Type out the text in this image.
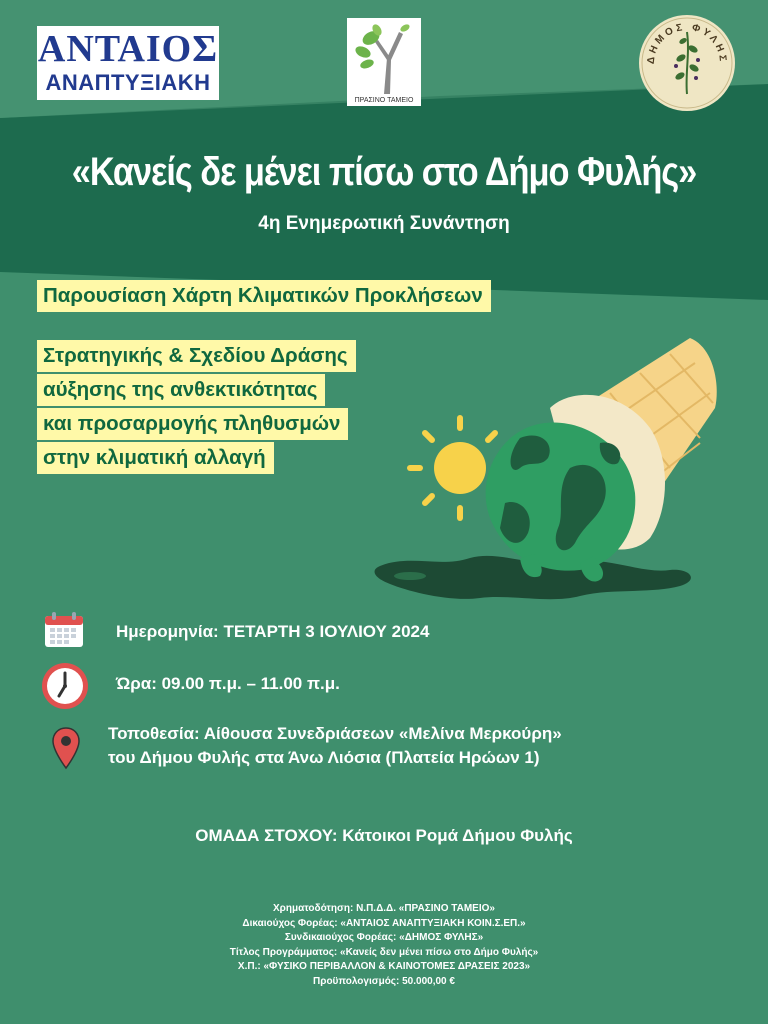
ΑΝΤΑΙΟΣ
ΑΝΑΠΤΥΞΙΑΚΗ
ΠΡΑΣΙΝΟ ΤΑΜΕΙΟ
ΔΗΜΟΣ ΦΥΛΗΣ
«Κανείς δε μένει πίσω στο Δήμο Φυλής»
4η Ενημερωτική Συνάντηση
Παρουσίαση Χάρτη Κλιματικών Προκλήσεων
Στρατηγικής & Σχεδίου Δράσης
αύξησης της ανθεκτικότητας
και προσαρμογής πληθυσμών
στην κλιματική αλλαγή
Ημερομηνία: ΤΕΤΑΡΤΗ 3 ΙΟΥΛΙΟΥ 2024
Ώρα: 09.00 π.μ. – 11.00 π.μ.
Τοποθεσία: Αίθουσα Συνεδριάσεων «Μελίνα Μερκούρη»
του Δήμου Φυλής στα Άνω Λιόσια (Πλατεία Ηρώων 1)
ΟΜΑΔΑ ΣΤΟΧΟΥ: Κάτοικοι Ρομά Δήμου Φυλής
Χρηματοδότηση: Ν.Π.Δ.Δ. «ΠΡΑΣΙΝΟ ΤΑΜΕΙΟ»
Δικαιούχος Φορέας: «ΑΝΤΑΙΟΣ ΑΝΑΠΤΥΞΙΑΚΗ ΚΟΙΝ.Σ.ΕΠ.»
Συνδικαιούχος Φορέας: «ΔΗΜΟΣ ΦΥΛΗΣ»
Τίτλος Προγράμματος: «Κανείς δεν μένει πίσω στο Δήμο Φυλής»
Χ.Π.: «ΦΥΣΙΚΟ ΠΕΡΙΒΑΛΛΟΝ & ΚΑΙΝΟΤΟΜΕΣ ΔΡΑΣΕΙΣ 2023»
Προϋπολογισμός: 50.000,00 €
